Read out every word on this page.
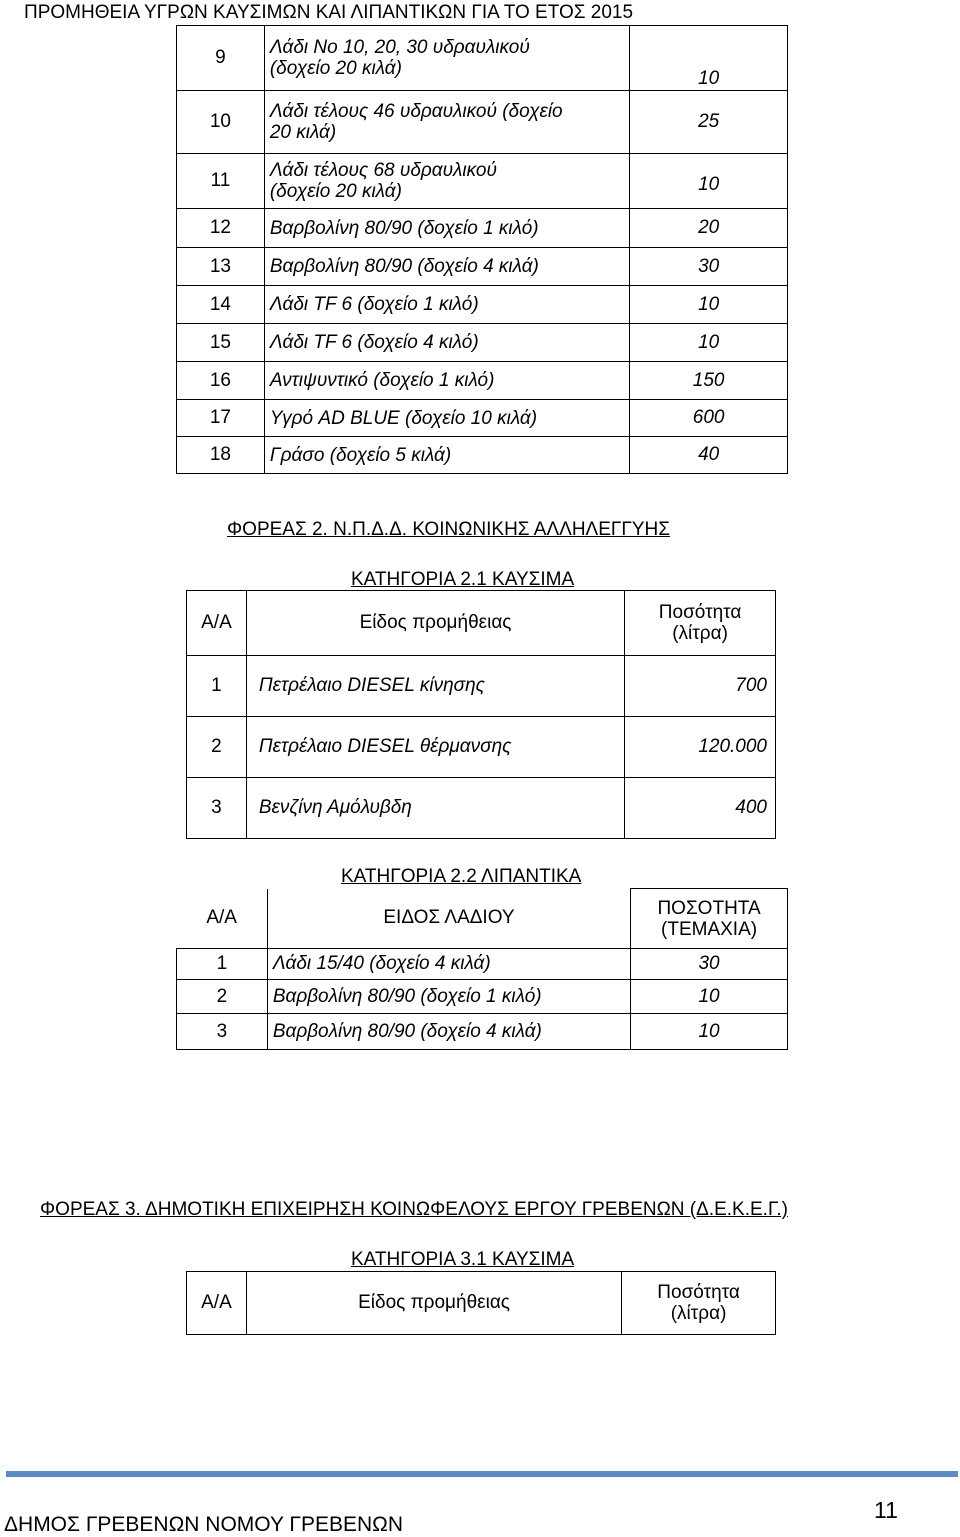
ΠΡΟΜΗΘΕΙΑ ΥΓΡΩΝ ΚΑΥΣΙΜΩΝ ΚΑΙ ΛΙΠΑΝΤΙΚΩΝ ΓΙΑ ΤΟ ΕΤΟΣ 2015
9	Λάδι Νο 10, 20, 30 υδραυλικού
(δοχείο 20 κιλά)	10
10	Λάδι τέλους 46 υδραυλικού (δοχείο
20 κιλά)	25
11	Λάδι τέλους 68 υδραυλικού
(δοχείο 20 κιλά)	10
12	Βαρβολίνη 80/90 (δοχείο 1 κιλό)	20
13	Βαρβολίνη 80/90 (δοχείο 4 κιλά)	30
14	Λάδι TF 6 (δοχείο 1 κιλό)	10
15	Λάδι TF 6 (δοχείο 4 κιλό)	10
16	Αντιψυντικό (δοχείο 1 κιλό)	150
17	Υγρό AD BLUE (δοχείο 10 κιλά)	600
18	Γράσο (δοχείο 5 κιλά)	40
ΦΟΡΕΑΣ 2. Ν.Π.Δ.Δ. ΚΟΙΝΩΝΙΚΗΣ ΑΛΛΗΛΕΓΓΥΗΣ
ΚΑΤΗΓΟΡΙΑ 2.1 ΚΑΥΣΙΜΑ
Α/Α	Είδος προμήθειας	Ποσότητα
(λίτρα)

1	Πετρέλαιο DIESEL κίνησης	700
2	Πετρέλαιο DIESEL θέρμανσης	120.000
3	Βενζίνη Αμόλυβδη	400
ΚΑΤΗΓΟΡΙΑ 2.2 ΛΙΠΑΝΤΙΚΑ
Α/Α	ΕΙΔΟΣ ΛΑΔΙΟΥ	ΠΟΣΟΤΗΤΑ
(ΤΕΜΑΧΙΑ)

1	Λάδι 15/40 (δοχείο 4 κιλά)	30
2	Βαρβολίνη 80/90 (δοχείο 1 κιλό)	10
3	Βαρβολίνη 80/90 (δοχείο 4 κιλά)	10
ΦΟΡΕΑΣ 3. ΔΗΜΟΤΙΚΗ ΕΠΙΧΕΙΡΗΣΗ ΚΟΙΝΩΦΕΛΟΥΣ ΕΡΓΟΥ ΓΡΕΒΕΝΩΝ (Δ.Ε.Κ.Ε.Γ.)
ΚΑΤΗΓΟΡΙΑ 3.1 ΚΑΥΣΙΜΑ
Α/Α	Είδος προμήθειας	Ποσότητα
(λίτρα)
ΔΗΜΟΣ ΓΡΕΒΕΝΩΝ ΝΟΜΟΥ ΓΡΕΒΕΝΩΝ
11
